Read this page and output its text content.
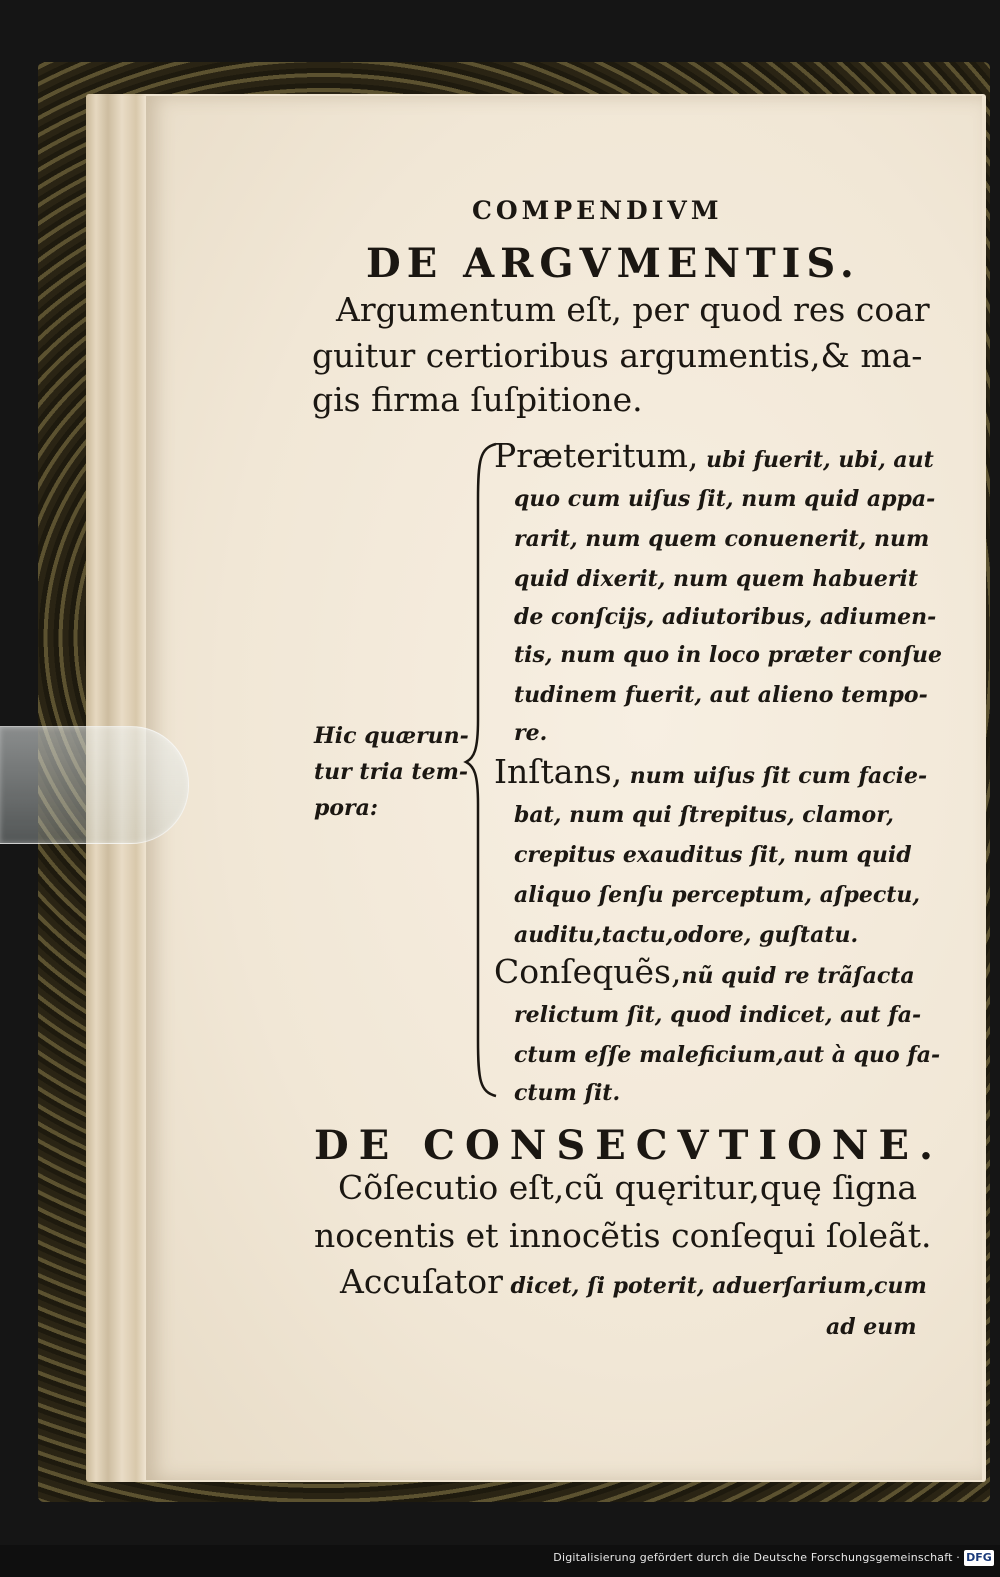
COMPENDIVM
DE ARGVMENTIS.
Argumentum eſt, per quod res coar
guitur certioribus argumentis,& ma-
gis firma ſuſpitione.
Hic quærun-
tur tria tem-
pora:
Præteritum, ubi fuerit, ubi, aut
quo cum uiſus ſit, num quid appa-
rarit, num quem conuenerit, num
quid dixerit, num quem habuerit
de conſcijs, adiutoribus, adiumen-
tis, num quo in loco præter conſue
tudinem fuerit, aut alieno tempo-
re.
Inſtans, num uiſus ſit cum facie-
bat, num qui ſtrepitus, clamor,
crepitus exauditus ſit, num quid
aliquo ſenſu perceptum, aſpectu,
auditu,tactu,odore, guſtatu.
Conſequẽs,nũ quid re trãſacta
relictum ſit, quod indicet, aut fa-
ctum eſſe maleficium,aut à quo fa-
ctum ſit.
DE CONSECVTIONE.
Cõſecutio eſt,cũ quęritur,quę ſigna
nocentis et innocẽtis conſequi ſoleãt.
Accuſator dicet, ſi poterit, aduerſarium,cum
ad eum
Digitalisierung gefördert durch die Deutsche Forschungsgemeinschaft · DFG
